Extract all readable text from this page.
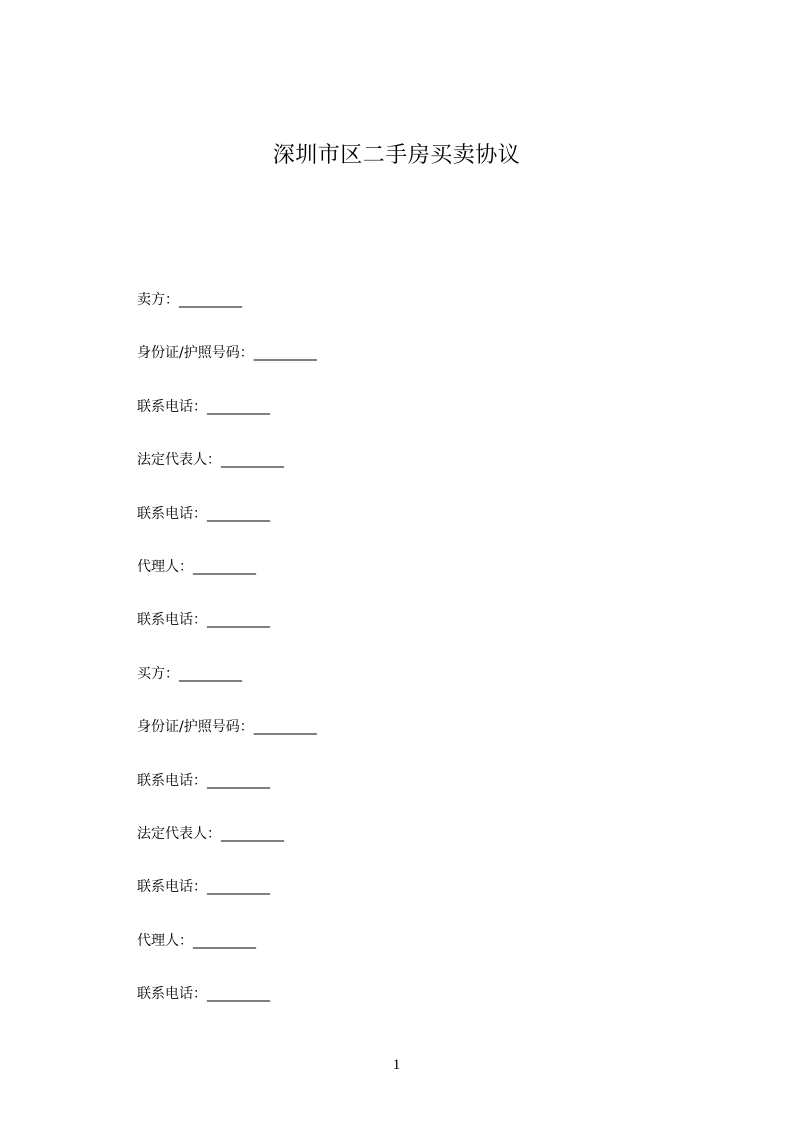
深圳市区二手房买卖协议
卖方：_________
身份证/护照号码：_________
联系电话：_________
法定代表人：_________
联系电话：_________
代理人：_________
联系电话：_________
买方：_________
身份证/护照号码：_________
联系电话：_________
法定代表人：_________
联系电话：_________
代理人：_________
联系电话：_________
1
